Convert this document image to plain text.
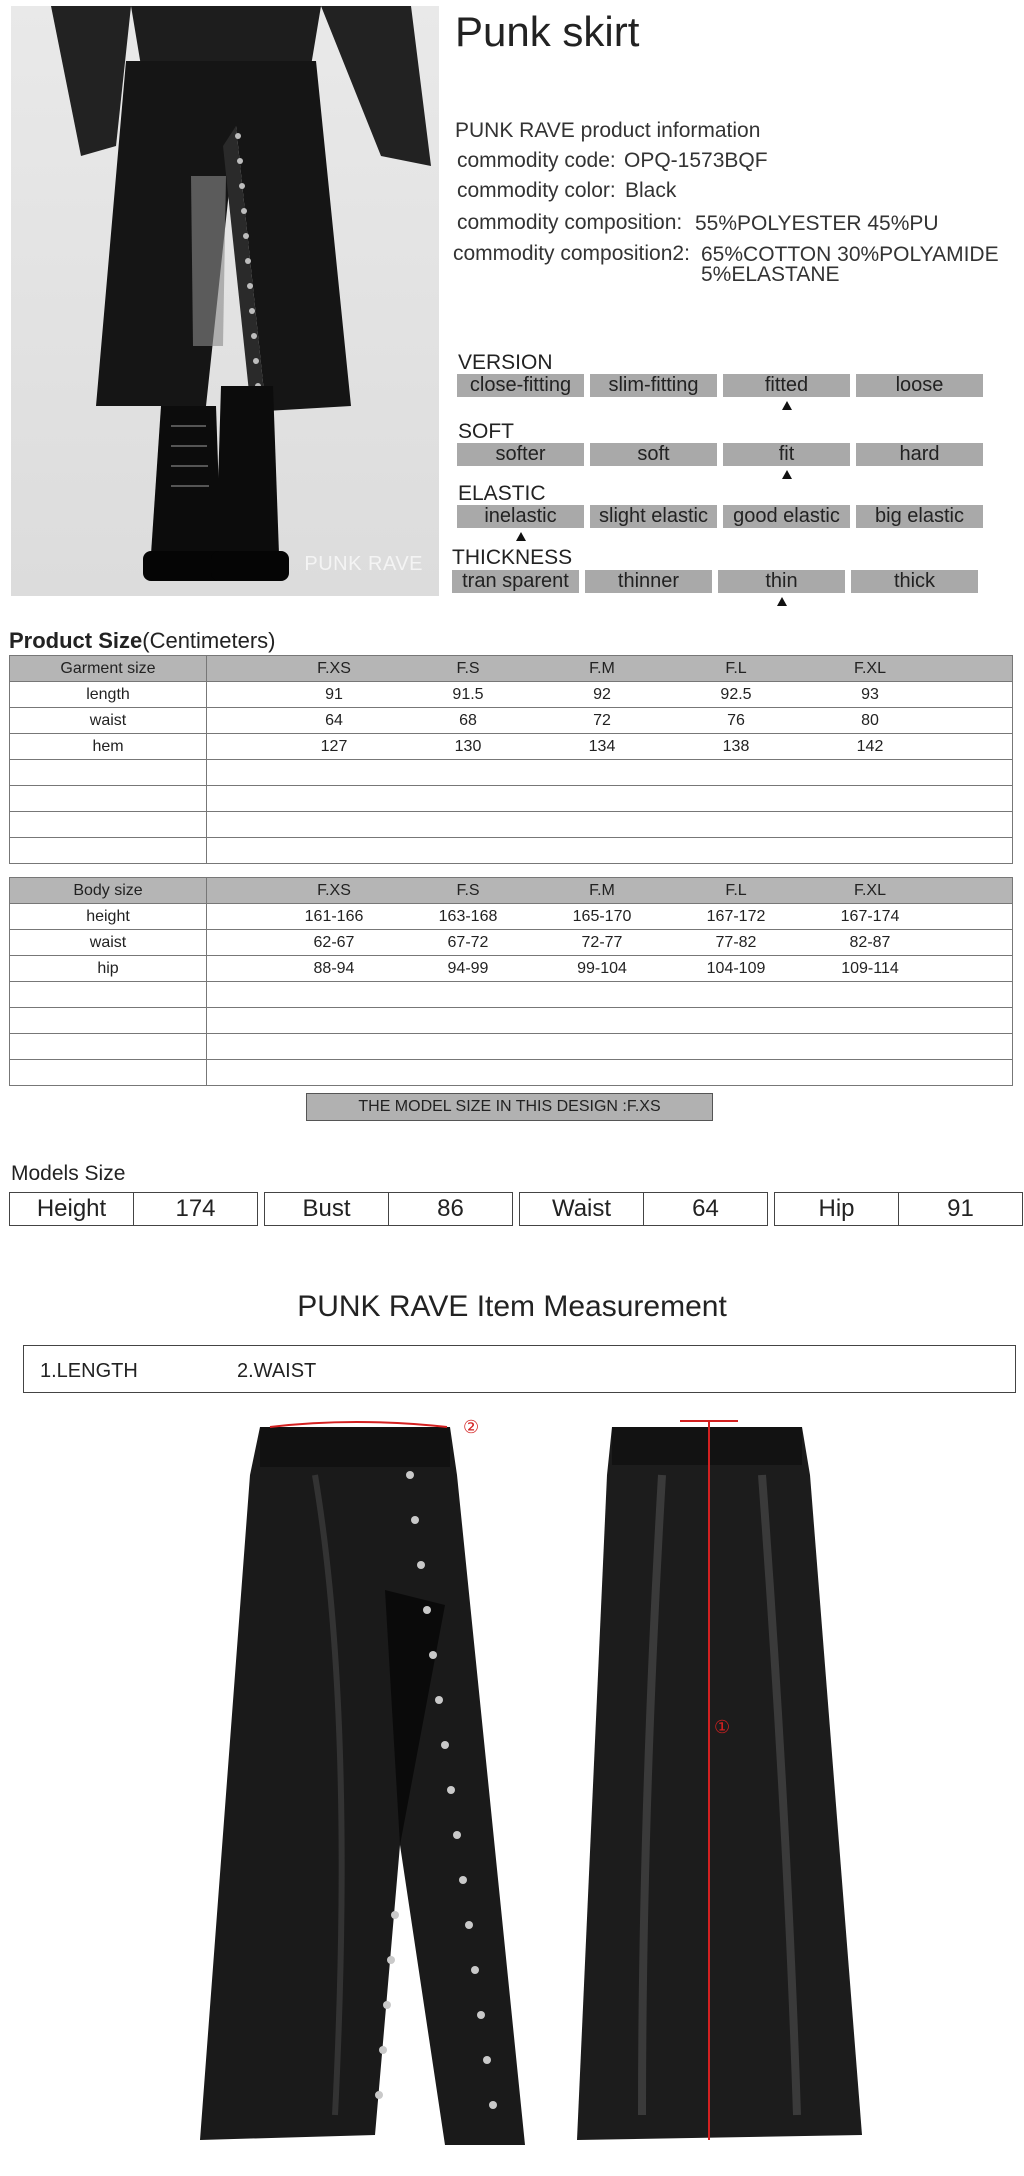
PUNK RAVE
Punk skirt
PUNK RAVE product information
commodity code: OPQ-1573BQF
commodity color: Black
commodity composition: 55%POLYESTER 45%PU
commodity composition2: 65%COTTON 30%POLYAMIDE
5%ELASTANE
VERSION
close-fitting	slim-fitting	fitted	loose
SOFT
softer	soft	fit	hard
ELASTIC
inelastic	slight elastic	good elastic	big elastic
THICKNESS
tran sparent	thinner	thin	thick
Product Size(Centimeters)
Garment size	F.XS F.S F.M F.L F.XL
length	91 91.5 92 92.5 93
waist	64 68 72 76 80
hem	127 130 134 138 142

Body size	F.XS F.S F.M F.L F.XL
height	161-166 163-168 165-170 167-172 167-174
waist	62-67 67-72 72-77 77-82 82-87
hip	88-94 94-99 99-104 104-109 109-114

THE MODEL SIZE IN THIS DESIGN :F.XS
Models Size
Height	174	Bust	86	Waist	64	Hip	91
PUNK RAVE Item Measurement
1.LENGTH	2.WAIST
②
①
